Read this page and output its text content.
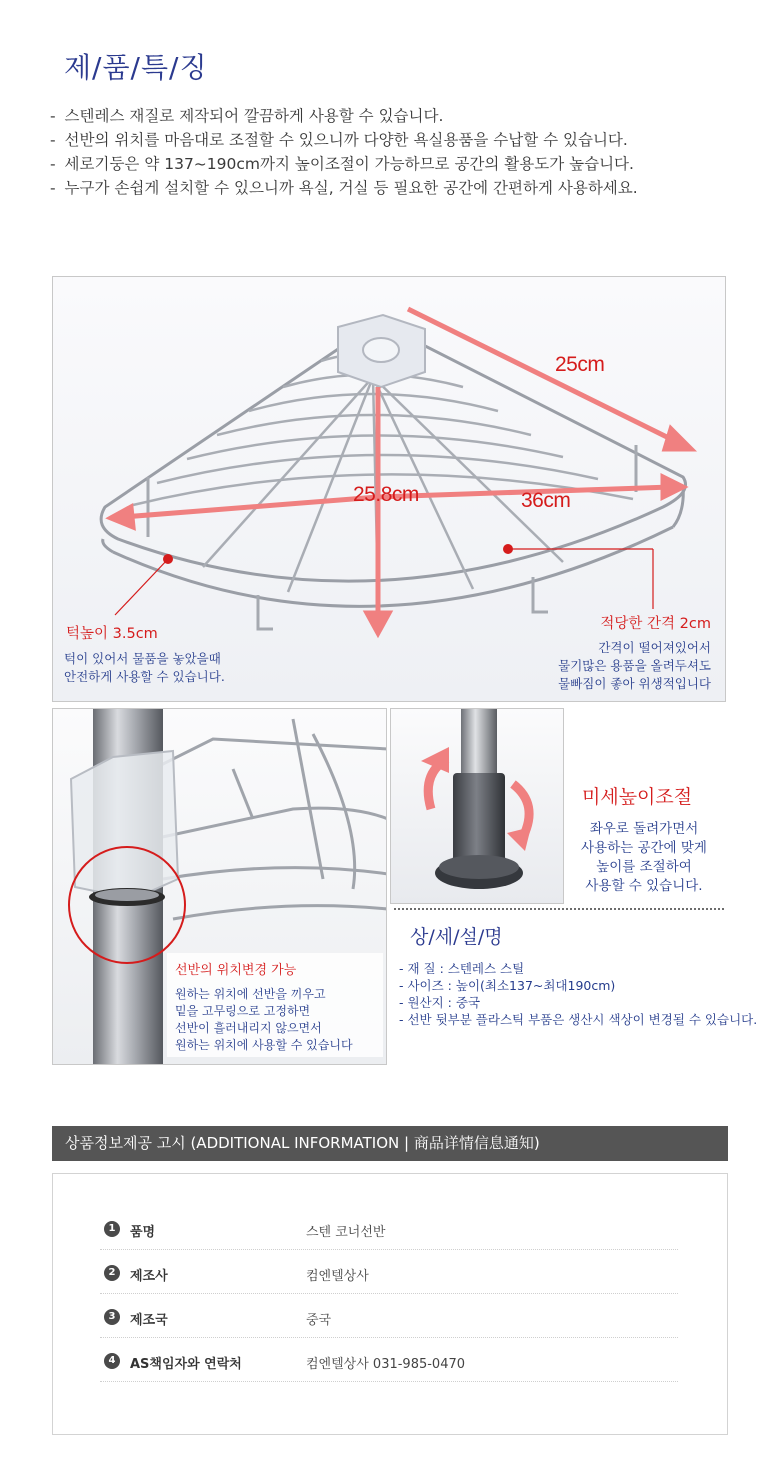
제/품/특/징
- 스텐레스 재질로 제작되어 깔끔하게 사용할 수 있습니다.
- 선반의 위치를 마음대로 조절할 수 있으니까 다양한 욕실용품을 수납할 수 있습니다.
- 세로기둥은 약 137~190cm까지 높이조절이 가능하므로 공간의 활용도가 높습니다.
- 누구가 손쉽게 설치할 수 있으니까 욕실, 거실 등 필요한 공간에 간편하게 사용하세요.
25cm
25.8cm	36cm
턱높이 3.5cm
턱이 있어서 물품을 놓았을때
안전하게 사용할 수 있습니다.
적당한 간격 2cm
간격이 떨어져있어서
물기많은 용품을 올려두셔도
물빠짐이 좋아 위생적입니다
선반의 위치변경 가능
원하는 위치에 선반을 끼우고
밑을 고무링으로 고정하면
선반이 흘러내리지 않으면서
원하는 위치에 사용할 수 있습니다
미세높이조절
좌우로 돌려가면서
사용하는 공간에 맞게
높이를 조절하여
사용할 수 있습니다.
상/세/설/명
- 재 질 : 스텐레스 스틸
- 사이즈 : 높이(최소137~최대190cm)
- 원산지 : 중국
- 선반 뒷부분 플라스틱 부품은 생산시 색상이 변경될 수 있습니다.
상품정보제공 고시 (ADDITIONAL INFORMATION | 商品详情信息通知)
1	품명	스텐 코너선반
2	제조사	컴엔텔상사
3	제조국	중국
4	AS책임자와 연락처	컴엔텔상사 031-985-0470
